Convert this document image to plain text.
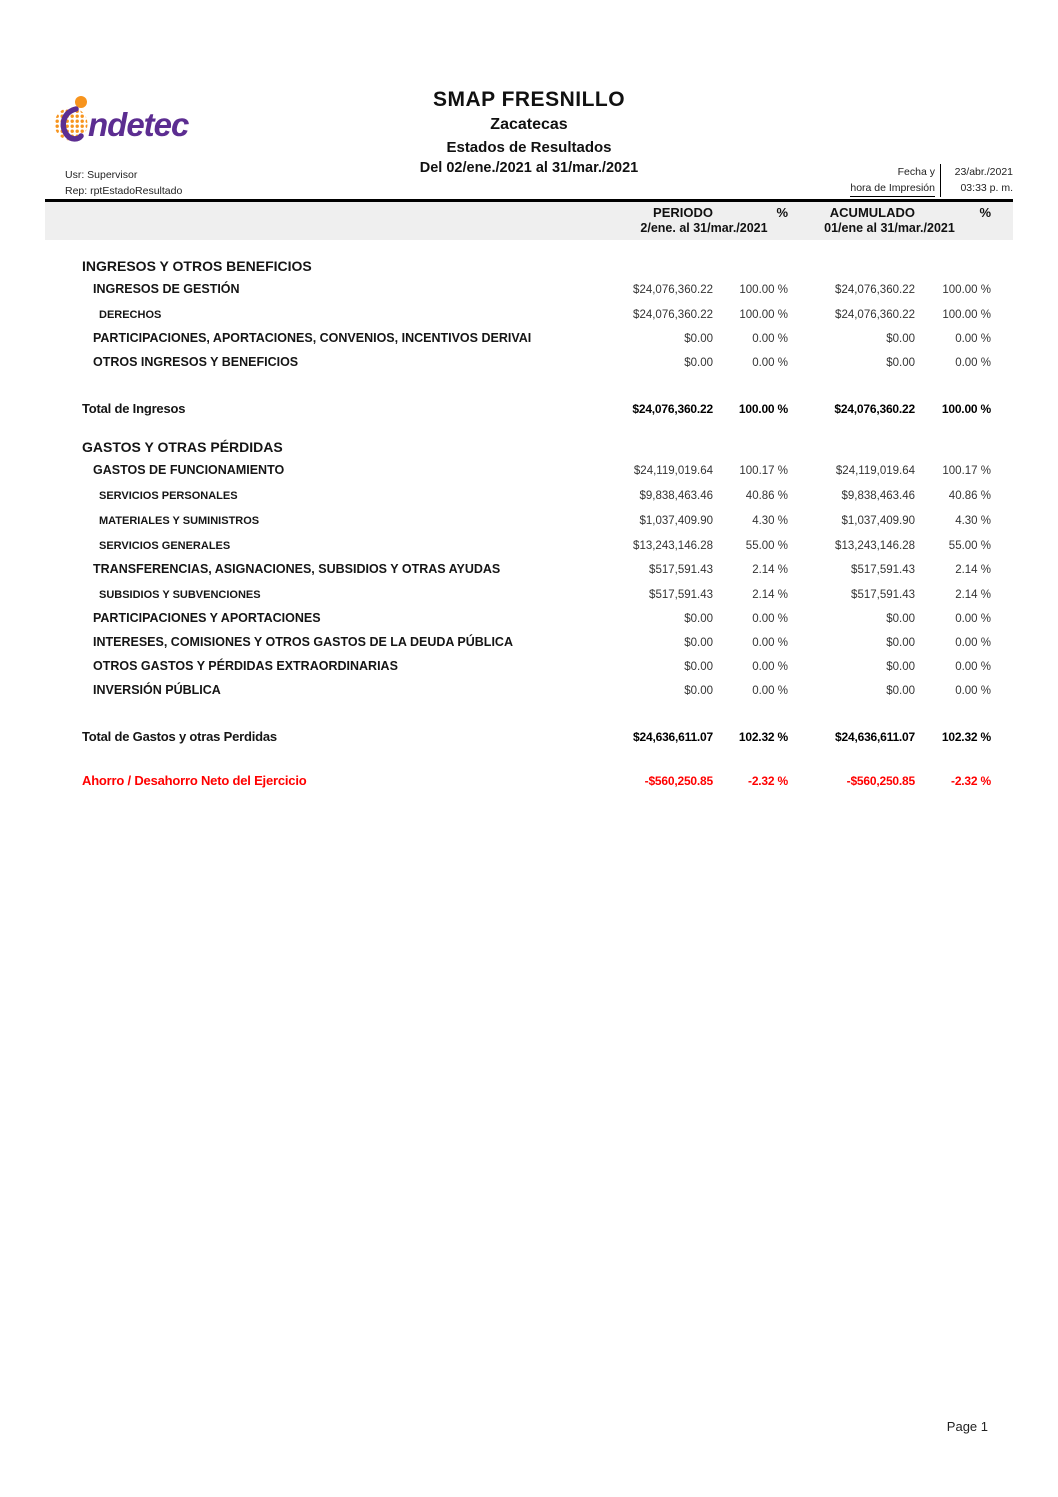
ndetec
SMAP FRESNILLO
Zacatecas
Estados de Resultados
Del 02/ene./2021 al 31/mar./2021
Usr: Supervisor
Rep: rptEstadoResultado
Fecha y
hora de Impresión
23/abr./2021
03:33 p. m.
PERIODO	%	ACUMULADO	%
2/ene. al 31/mar./2021	01/ene al 31/mar./2021
INGRESOS Y OTROS BENEFICIOS
INGRESOS DE GESTIÓN	$24,076,360.22	100.00 %	$24,076,360.22	100.00 %
DERECHOS	$24,076,360.22	100.00 %	$24,076,360.22	100.00 %
PARTICIPACIONES, APORTACIONES, CONVENIOS, INCENTIVOS DERIVAI	$0.00	0.00 %	$0.00	0.00 %
OTROS INGRESOS Y BENEFICIOS	$0.00	0.00 %	$0.00	0.00 %
Total de Ingresos	$24,076,360.22	100.00 %	$24,076,360.22	100.00 %
GASTOS Y OTRAS PÉRDIDAS
GASTOS DE FUNCIONAMIENTO	$24,119,019.64	100.17 %	$24,119,019.64	100.17 %
SERVICIOS PERSONALES	$9,838,463.46	40.86 %	$9,838,463.46	40.86 %
MATERIALES Y SUMINISTROS	$1,037,409.90	4.30 %	$1,037,409.90	4.30 %
SERVICIOS GENERALES	$13,243,146.28	55.00 %	$13,243,146.28	55.00 %
TRANSFERENCIAS, ASIGNACIONES, SUBSIDIOS Y OTRAS AYUDAS	$517,591.43	2.14 %	$517,591.43	2.14 %
SUBSIDIOS Y SUBVENCIONES	$517,591.43	2.14 %	$517,591.43	2.14 %
PARTICIPACIONES Y APORTACIONES	$0.00	0.00 %	$0.00	0.00 %
INTERESES, COMISIONES Y OTROS GASTOS DE LA DEUDA PÚBLICA	$0.00	0.00 %	$0.00	0.00 %
OTROS GASTOS Y PÉRDIDAS EXTRAORDINARIAS	$0.00	0.00 %	$0.00	0.00 %
INVERSIÓN PÚBLICA	$0.00	0.00 %	$0.00	0.00 %
Total de Gastos y otras Perdidas	$24,636,611.07	102.32 %	$24,636,611.07	102.32 %
Ahorro / Desahorro Neto del Ejercicio	-$560,250.85	-2.32 %	-$560,250.85	-2.32 %
Page 1
